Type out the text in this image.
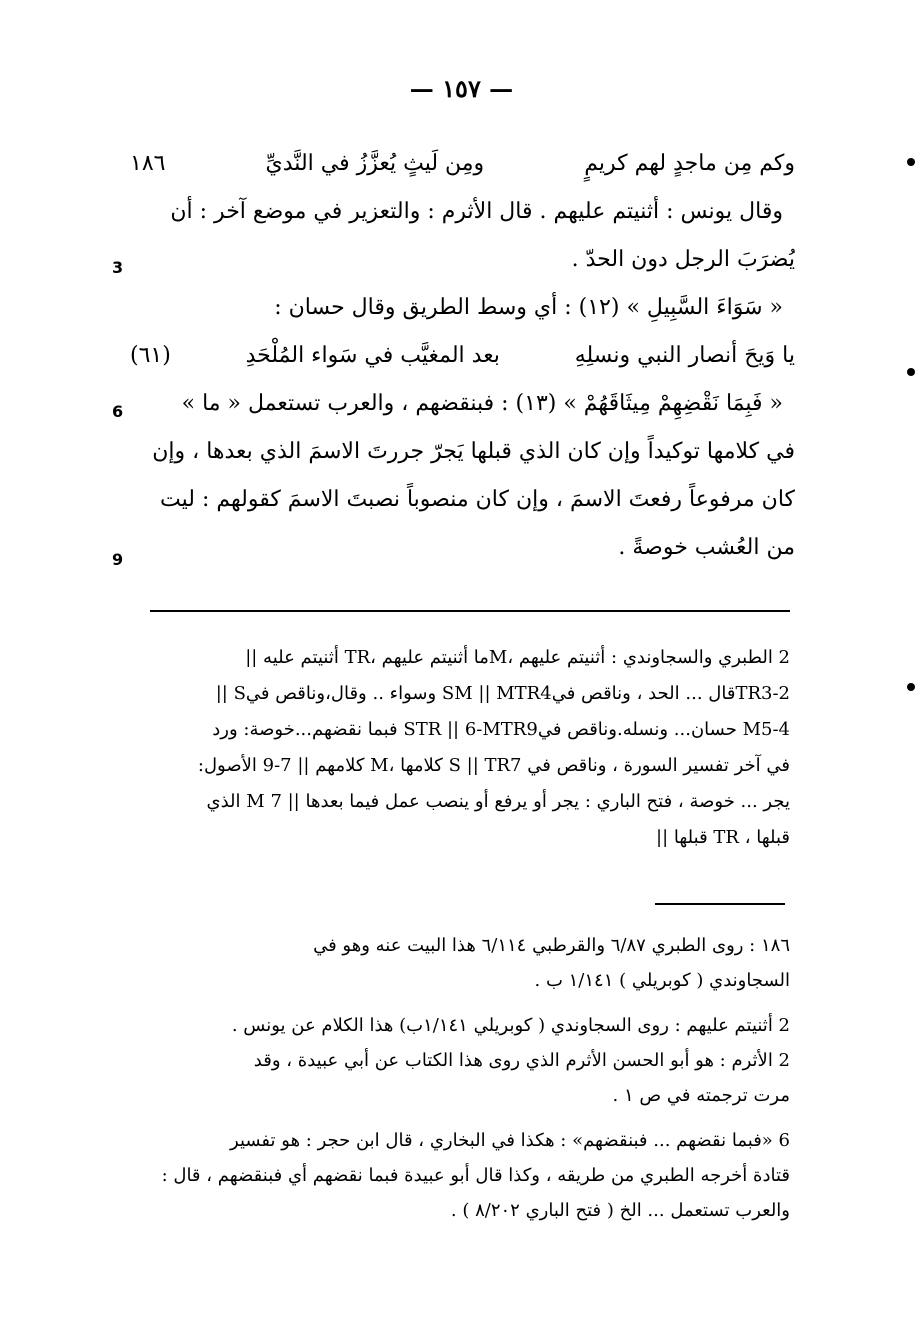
— ١٥٧ —
3
6
9
وكم مِن ماجدٍ لهم كريمٍ
ومِن لَيثٍ يُعزَّزُ في النَّديِّ
١٨٦
وقال يونس : أثنيتم عليهم . قال الأثرم : والتعزير في موضع آخر : أن
يُضرَبَ الرجل دون الحدّ .
« سَوَاءَ السَّبِيلِ » (١٢) : أي وسط الطريق وقال حسان :
يا وَيحَ أنصار النبي ونسلِهِ
بعد المغيَّب في سَواء المُلْحَدِ
(٦١)
« فَبِمَا نَقْضِهِمْ مِيثَاقَهُمْ » (١٣) : فبنقضهم ، والعرب تستعمل « ما »
في كلامها توكيداً وإن كان الذي قبلها يَجرّ جررتَ الاسمَ الذي بعدها ، وإن
كان مرفوعاً رفعتَ الاسمَ ، وإن كان منصوباً نصبتَ الاسمَ كقولهم : ليت
من العُشب خوصةً .
2 الطبري والسجاوندي : أثنيتم عليهم ،Mما أثنيتم عليهم ،TR أثنيتم عليه ||
TR3-2قال ... الحد ، وناقص فيSM || MTR4 وسواء .. وقال،وناقص فيS ||
M5-4 حسان... ونسله.وناقص فيSTR || 6-MTR9 فبما نقضهم...خوصة: ورد
في آخر تفسير السورة ، وناقص في S || TR7 كلامها ،M كلامهم || 7-9 الأصول:
يجر ... خوصة ، فتح الباري : يجر أو يرفع أو ينصب عمل فيما بعدها || 7 M الذي
قبلها ، TR قبلها ||
١٨٦ : روى الطبري ٦/٨٧ والقرطبي ٦/١١٤ هذا البيت عنه وهو في
السجاوندي ( كوبريلي ) ١/١٤١ ب .
2 أثنيتم عليهم : روى السجاوندي ( كوبريلي ١/١٤١ب) هذا الكلام عن يونس .
2 الأثرم : هو أبو الحسن الأثرم الذي روى هذا الكتاب عن أبي عبيدة ، وقد
مرت ترجمته في ص ١ .
6 «فبما نقضهم ... فبنقضهم» : هكذا في البخاري ، قال ابن حجر : هو تفسير
قتادة أخرجه الطبري من طريقه ، وكذا قال أبو عبيدة فبما نقضهم أي فبنقضهم ، قال :
والعرب تستعمل ... الخ ( فتح الباري ٨/٢٠٢ ) .
